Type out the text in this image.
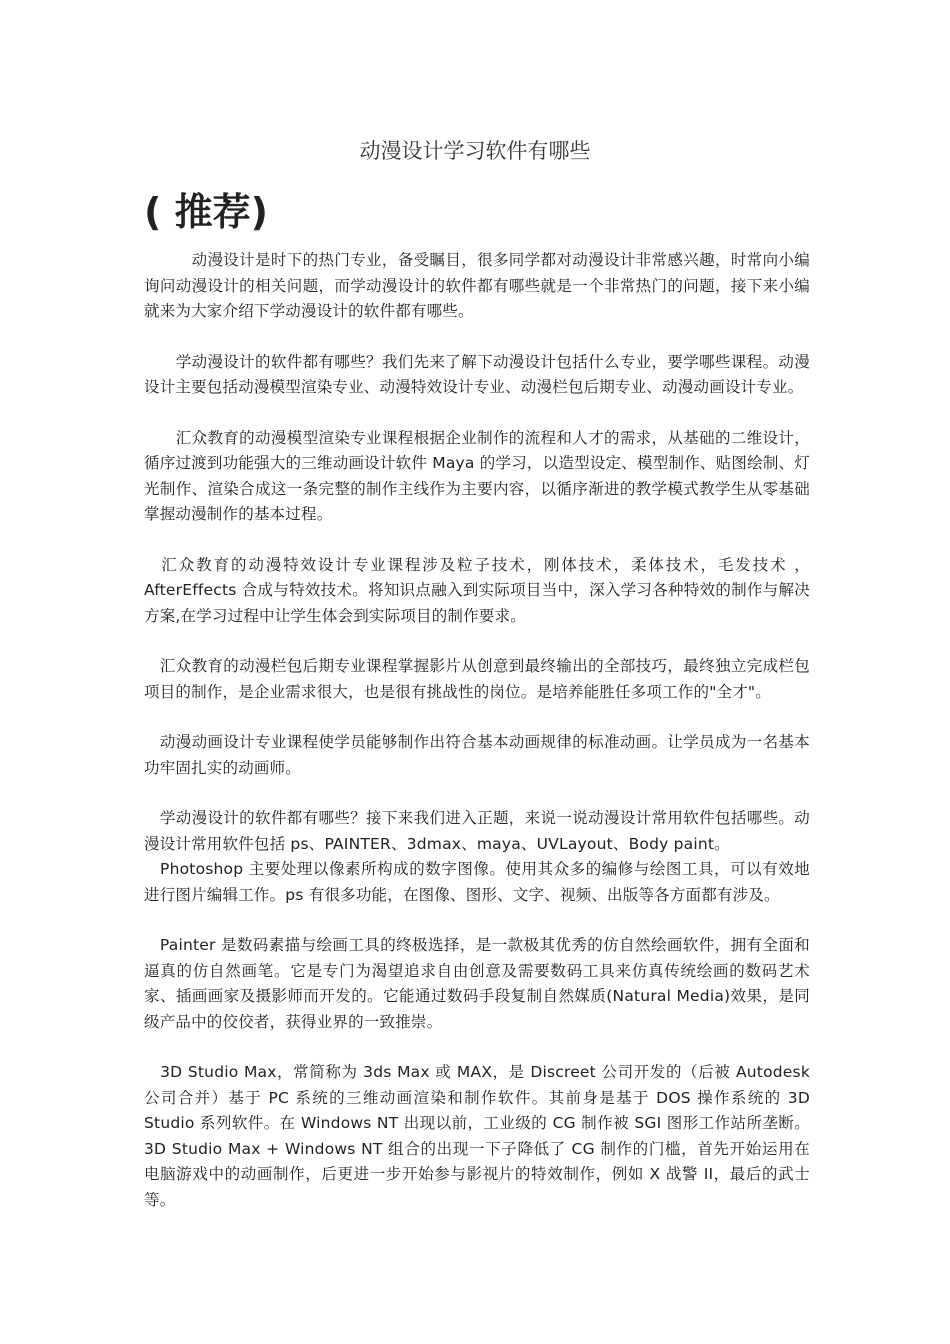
动漫设计学习软件有哪些
( 推荐)

　　　动漫设计是时下的热门专业，备受瞩目，很多同学都对动漫设计非常感兴趣，时常向小编询问动漫设计的相关问题，而学动漫设计的软件都有哪些就是一个非常热门的问题，接下来小编就来为大家介绍下学动漫设计的软件都有哪些。

　　学动漫设计的软件都有哪些？我们先来了解下动漫设计包括什么专业，要学哪些课程。动漫设计主要包括动漫模型渲染专业、动漫特效设计专业、动漫栏包后期专业、动漫动画设计专业。

　　汇众教育的动漫模型渲染专业课程根据企业制作的流程和人才的需求，从基础的二维设计，循序过渡到功能强大的三维动画设计软件 Maya 的学习，以造型设定、模型制作、贴图绘制、灯光制作、渲染合成这一条完整的制作主线作为主要内容，以循序渐进的教学模式教学生从零基础掌握动漫制作的基本过程。

　汇众教育的动漫特效设计专业课程涉及粒子技术，刚体技术，柔体技术，毛发技术 ，AfterEffects 合成与特效技术。将知识点融入到实际项目当中，深入学习各种特效的制作与解决方案,在学习过程中让学生体会到实际项目的制作要求。

　汇众教育的动漫栏包后期专业课程掌握影片从创意到最终输出的全部技巧，最终独立完成栏包项目的制作，是企业需求很大，也是很有挑战性的岗位。是培养能胜任多项工作的"全才"。

　动漫动画设计专业课程使学员能够制作出符合基本动画规律的标准动画。让学员成为一名基本功牢固扎实的动画师。

　学动漫设计的软件都有哪些？接下来我们进入正题，来说一说动漫设计常用软件包括哪些。动漫设计常用软件包括 ps、PAINTER、3dmax、maya、UVLayout、Body paint。

　Photoshop 主要处理以像素所构成的数字图像。使用其众多的编修与绘图工具，可以有效地进行图片编辑工作。ps 有很多功能，在图像、图形、文字、视频、出版等各方面都有涉及。

　Painter 是数码素描与绘画工具的终极选择，是一款极其优秀的仿自然绘画软件，拥有全面和逼真的仿自然画笔。它是专门为渴望追求自由创意及需要数码工具来仿真传统绘画的数码艺术家、插画画家及摄影师而开发的。它能通过数码手段复制自然媒质(Natural Media)效果，是同级产品中的佼佼者，获得业界的一致推崇。

　3D Studio Max，常简称为 3ds Max 或 MAX，是 Discreet 公司开发的（后被 Autodesk 公司合并）基于 PC 系统的三维动画渲染和制作软件。其前身是基于 DOS 操作系统的 3D Studio 系列软件。在 Windows NT 出现以前，工业级的 CG 制作被 SGI 图形工作站所垄断。3D Studio Max + Windows NT 组合的出现一下子降低了 CG 制作的门槛，首先开始运用在电脑游戏中的动画制作，后更进一步开始参与影视片的特效制作，例如 X 战警 II，最后的武士等。
